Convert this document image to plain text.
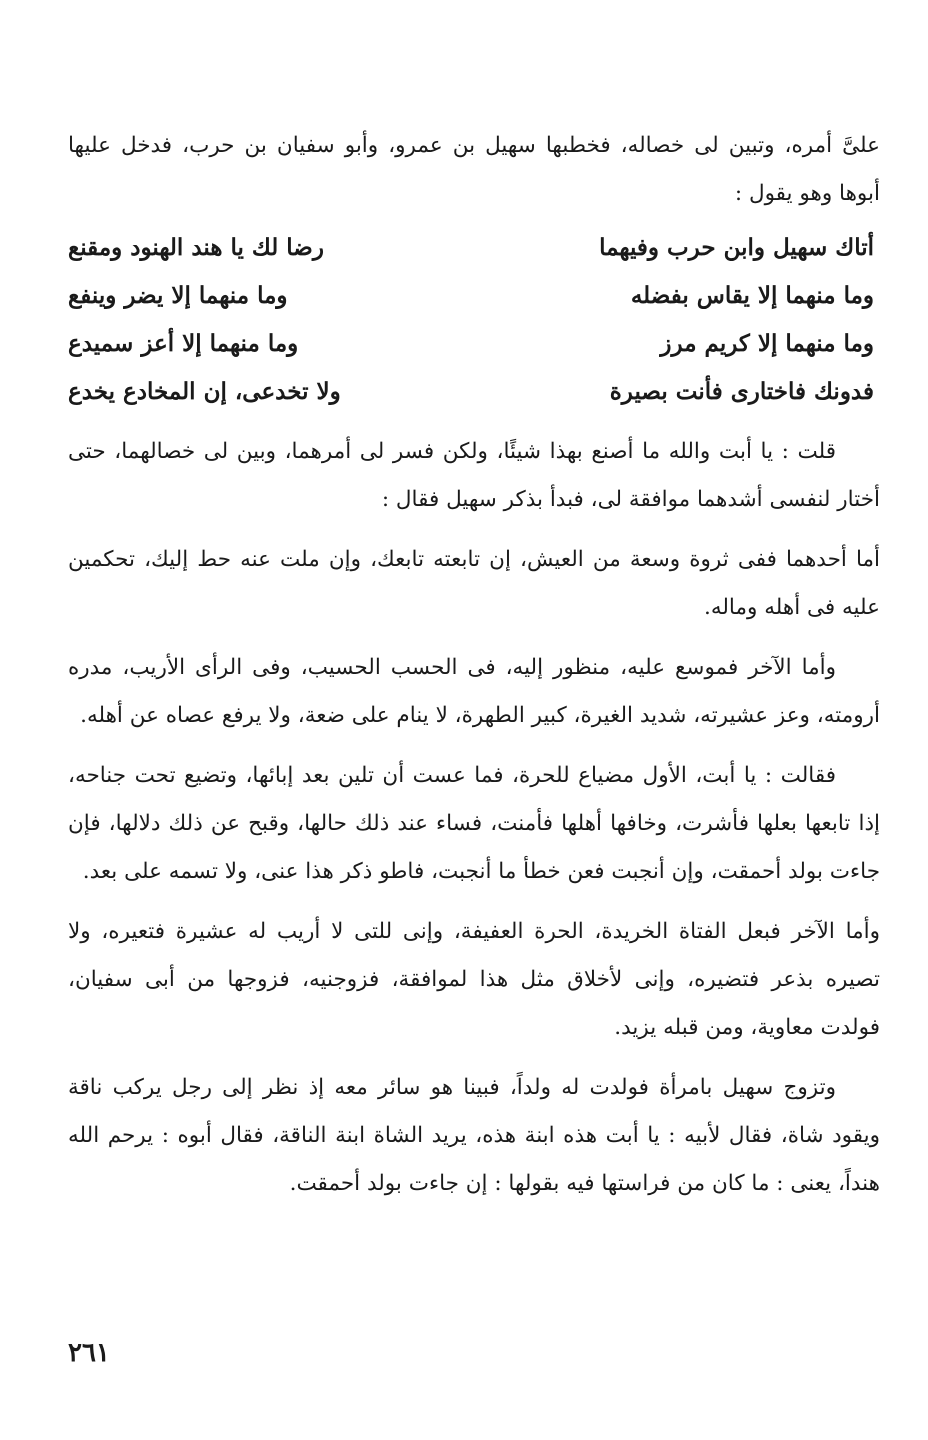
علىَّ أمره، وتبين لى خصاله، فخطبها سهيل بن عمرو، وأبو سفيان بن حرب، فدخل عليها أبوها وهو يقول :

أتاك سهيل وابن حرب وفيهما
رضا لك يا هند الهنود ومقنع
وما منهما إلا يقاس بفضله
وما منهما إلا يضر وينفع
وما منهما إلا كريم مرز
وما منهما إلا أعز سميدع
فدونك فاختارى فأنت بصيرة
ولا تخدعى، إن المخادع يخدع

قلت : يا أبت والله ما أصنع بهذا شيئًا، ولكن فسر لى أمرهما، وبين لى خصالهما، حتى أختار لنفسى أشدهما موافقة لى، فبدأ بذكر سهيل فقال :

أما أحدهما ففى ثروة وسعة من العيش، إن تابعته تابعك، وإن ملت عنه حط إليك، تحكمين عليه فى أهله وماله.

وأما الآخر فموسع عليه، منظور إليه، فى الحسب الحسيب، وفى الرأى الأريب، مدره أرومته، وعز عشيرته، شديد الغيرة، كبير الطهرة، لا ينام على ضعة، ولا يرفع عصاه عن أهله.

فقالت : يا أبت، الأول مضياع للحرة، فما عست أن تلين بعد إبائها، وتضيع تحت جناحه، إذا تابعها بعلها فأشرت، وخافها أهلها فأمنت، فساء عند ذلك حالها، وقبح عن ذلك دلالها، فإن جاءت بولد أحمقت، وإن أنجبت فعن خطأ ما أنجبت، فاطو ذكر هذا عنى، ولا تسمه على بعد.

وأما الآخر فبعل الفتاة الخريدة، الحرة العفيفة، وإنى للتى لا أريب له عشيرة فتعيره، ولا تصيره بذعر فتضيره، وإنى لأخلاق مثل هذا لموافقة، فزوجنيه، فزوجها من أبى سفيان، فولدت معاوية، ومن قبله يزيد.

وتزوج سهيل بامرأة فولدت له ولداً، فبينا هو سائر معه إذ نظر إلى رجل يركب ناقة ويقود شاة، فقال لأبيه : يا أبت هذه ابنة هذه، يريد الشاة ابنة الناقة، فقال أبوه : يرحم الله هنداً، يعنى : ما كان من فراستها فيه بقولها : إن جاءت بولد أحمقت.

٢٦١
